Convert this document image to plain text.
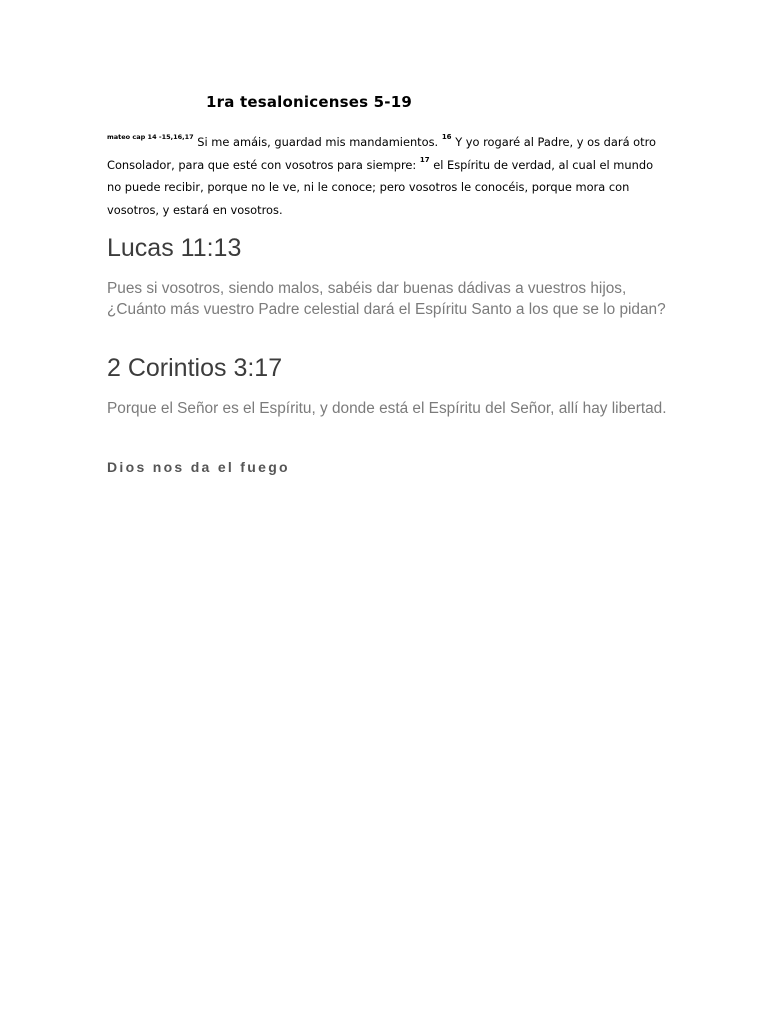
1ra tesalonicenses 5-19
$^{mateo cap 14 -15,16,17}$ Si me amáis, guardad mis mandamientos. $^{16}$ Y yo rogaré al Padre, y os dará otro Consolador, para que esté con vosotros para siempre: $^{17}$ el Espíritu de verdad, al cual el mundo no puede recibir, porque no le ve, ni le conoce; pero vosotros le conocéis, porque mora con vosotros, y estará en vosotros.
Lucas 11:13
Pues si vosotros, siendo malos, sabéis dar buenas dádivas a vuestros hijos, ¿Cuánto más vuestro Padre celestial dará el Espíritu Santo a los que se lo pidan?
2 Corintios 3:17
Porque el Señor es el Espíritu, y donde está el Espíritu del Señor, allí hay libertad.
Dios nos da el fuego
